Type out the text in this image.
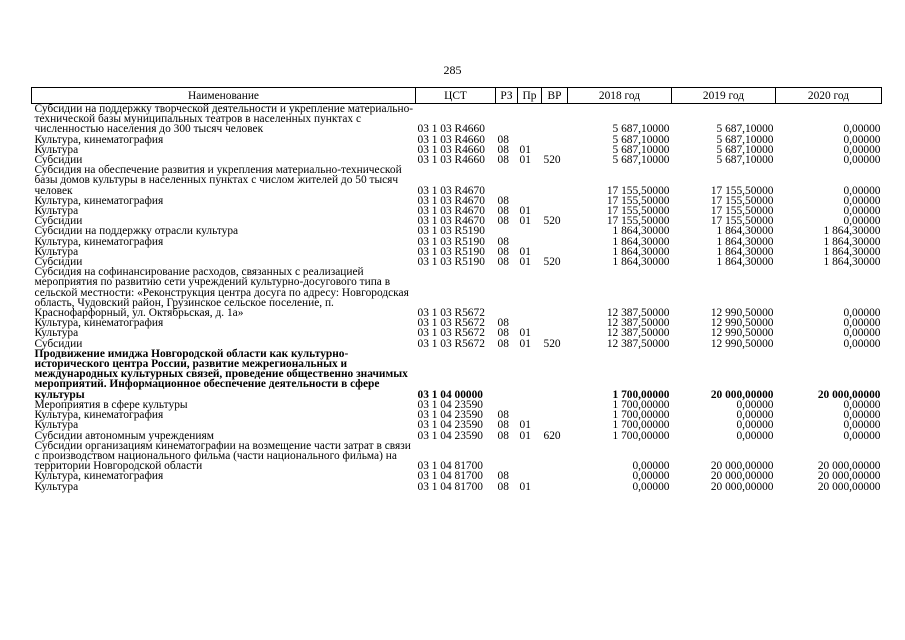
285
Наименование	ЦСТ	РЗ	Пр	ВР	2018 год	2019 год	2020 год
Субсидии на поддержку творческой деятельности и укрепление материально-технической базы муниципальных театров в населенных пунктах с численностью населения до 300 тысяч человек	03 1 03 R4660				5 687,10000	5 687,10000	0,00000
Культура, кинематография	03 1 03 R4660	08			5 687,10000	5 687,10000	0,00000
Культура	03 1 03 R4660	08	01		5 687,10000	5 687,10000	0,00000
Субсидии	03 1 03 R4660	08	01	520	5 687,10000	5 687,10000	0,00000
Субсидия на обеспечение развития и укрепления материально-технической базы домов культуры в населенных пунктах с числом жителей до 50 тысяч человек	03 1 03 R4670				17 155,50000	17 155,50000	0,00000
Культура, кинематография	03 1 03 R4670	08			17 155,50000	17 155,50000	0,00000
Культура	03 1 03 R4670	08	01		17 155,50000	17 155,50000	0,00000
Субсидии	03 1 03 R4670	08	01	520	17 155,50000	17 155,50000	0,00000
Субсидии на поддержку отрасли культура	03 1 03 R5190				1 864,30000	1 864,30000	1 864,30000
Культура, кинематография	03 1 03 R5190	08			1 864,30000	1 864,30000	1 864,30000
Культура	03 1 03 R5190	08	01		1 864,30000	1 864,30000	1 864,30000
Субсидии	03 1 03 R5190	08	01	520	1 864,30000	1 864,30000	1 864,30000
Субсидия на софинансирование расходов, связанных с реализацией мероприятия по развитию сети учреждений культурно-досугового типа в сельской местности: «Реконструкция центра досуга по адресу: Новгородская область, Чудовский район, Грузинское сельское поселение, п. Краснофарфорный, ул. Октябрьская, д. 1а»	03 1 03 R5672				12 387,50000	12 990,50000	0,00000
Культура, кинематография	03 1 03 R5672	08			12 387,50000	12 990,50000	0,00000
Культура	03 1 03 R5672	08	01		12 387,50000	12 990,50000	0,00000
Субсидии	03 1 03 R5672	08	01	520	12 387,50000	12 990,50000	0,00000
Продвижение имиджа Новгородской области как культурно-исторического центра России, развитие межрегиональных и международных культурных связей, проведение общественно значимых мероприятий. Информационное обеспечение деятельности в сфере культуры	03 1 04 00000				1 700,00000	20 000,00000	20 000,00000
Мероприятия в сфере культуры	03 1 04 23590				1 700,00000	0,00000	0,00000
Культура, кинематография	03 1 04 23590	08			1 700,00000	0,00000	0,00000
Культура	03 1 04 23590	08	01		1 700,00000	0,00000	0,00000
Субсидии автономным учреждениям	03 1 04 23590	08	01	620	1 700,00000	0,00000	0,00000
Субсидии организациям кинематографии на возмещение части затрат в связи с производством национального фильма (части национального фильма) на территории Новгородской области	03 1 04 81700				0,00000	20 000,00000	20 000,00000
Культура, кинематография	03 1 04 81700	08			0,00000	20 000,00000	20 000,00000
Культура	03 1 04 81700	08	01		0,00000	20 000,00000	20 000,00000
